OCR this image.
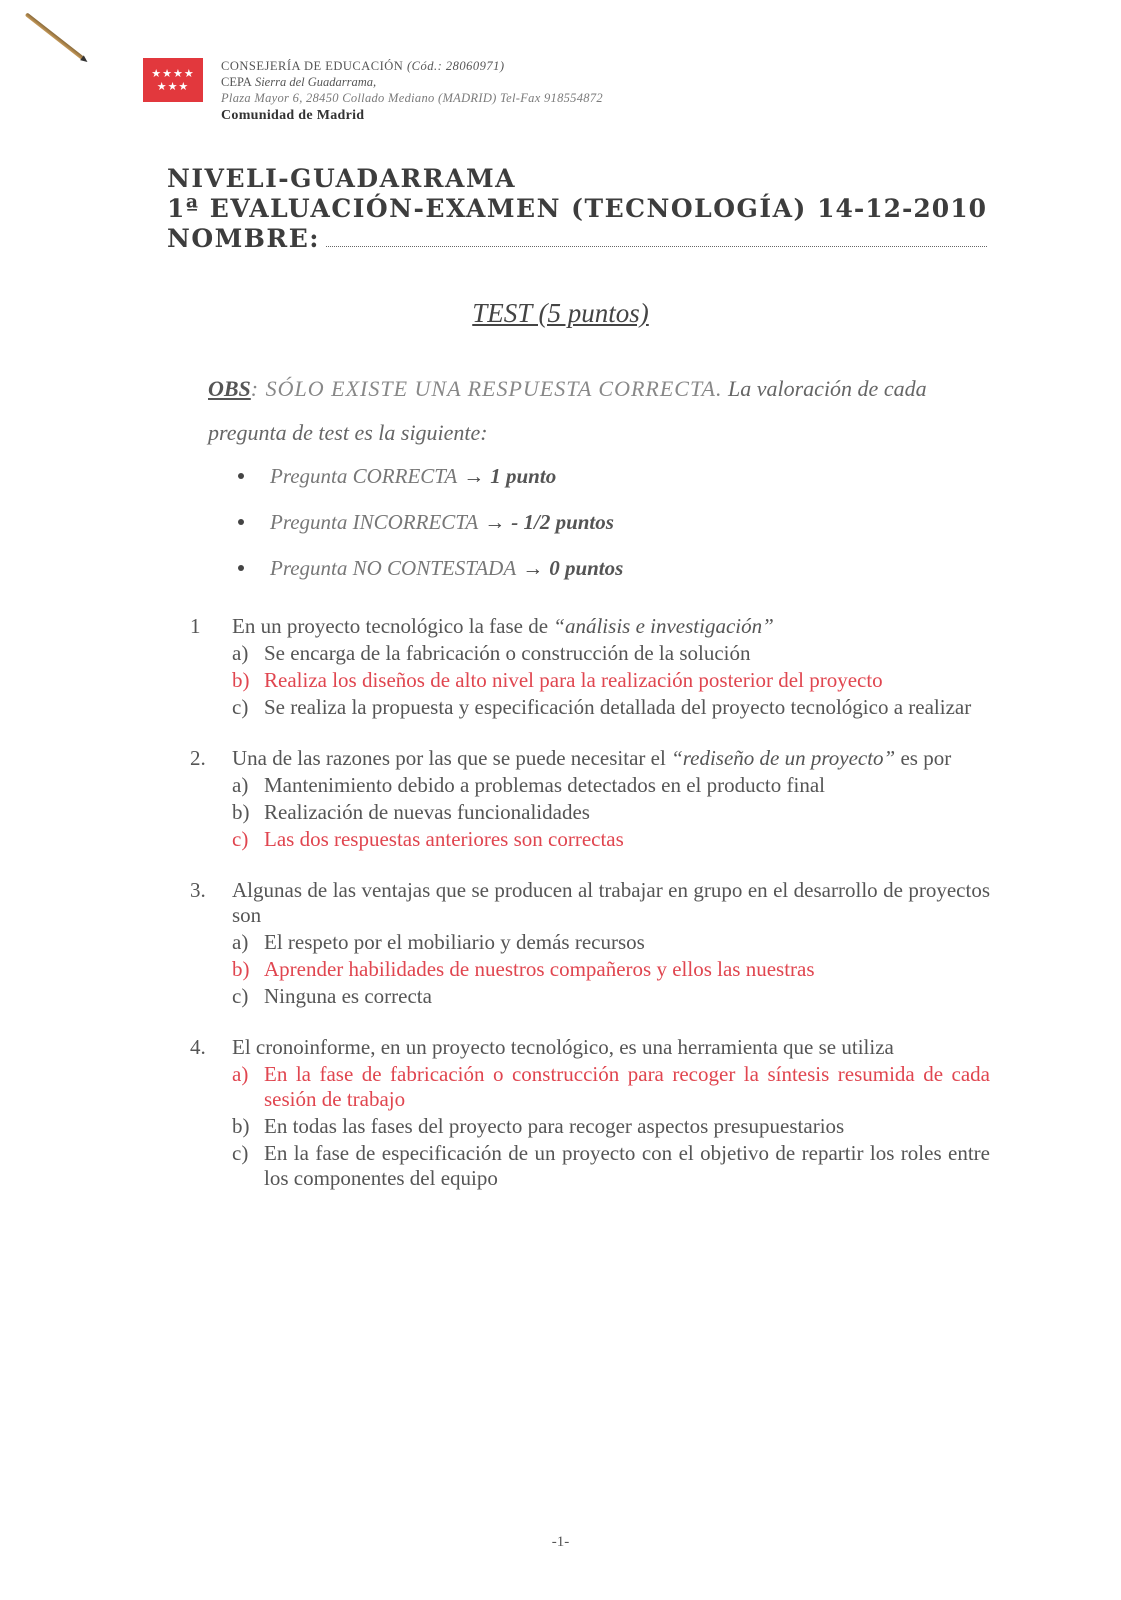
★★★★
★★★
CONSEJERÍA DE EDUCACIÓN (Cód.: 28060971)
CEPA Sierra del Guadarrama,
Plaza Mayor 6, 28450 Collado Mediano (MADRID) Tel-Fax 918554872
Comunidad de Madrid
NIVELI-GUADARRAMA
1ª EVALUACIÓN-EXAMEN (TECNOLOGÍA) 14-12-2010
NOMBRE:
TEST (5 puntos)
OBS: SÓLO EXISTE UNA RESPUESTA CORRECTA. La valoración de cada pregunta de test es la siguiente:
Pregunta CORRECTA → 1 punto
Pregunta INCORRECTA → - 1/2 puntos
Pregunta NO CONTESTADA → 0 puntos
1	En un proyecto tecnológico la fase de “análisis e investigación”
a) Se encarga de la fabricación o construcción de la solución
b) Realiza los diseños de alto nivel para la realización posterior del proyecto
c) Se realiza la propuesta y especificación detallada del proyecto tecnológico a realizar
2.	Una de las razones por las que se puede necesitar el “rediseño de un proyecto” es por
a) Mantenimiento debido a problemas detectados en el producto final
b) Realización de nuevas funcionalidades
c) Las dos respuestas anteriores son correctas
3.	Algunas de las ventajas que se producen al trabajar en grupo en el desarrollo de proyectos son
a) El respeto por el mobiliario y demás recursos
b) Aprender habilidades de nuestros compañeros y ellos las nuestras
c) Ninguna es correcta
4.	El cronoinforme, en un proyecto tecnológico, es una herramienta que se utiliza
a) En la fase de fabricación o construcción para recoger la síntesis resumida de cada sesión de trabajo
b) En todas las fases del proyecto para recoger aspectos presupuestarios
c) En la fase de especificación de un proyecto con el objetivo de repartir los roles entre los componentes del equipo
-1-
